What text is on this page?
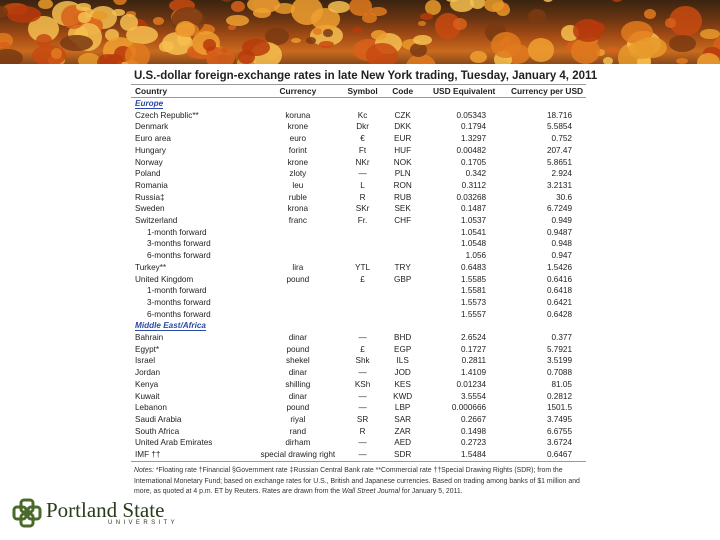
U.S.-dollar foreign-exchange rates in late New York trading, Tuesday, January 4, 2011
Country	Currency	Symbol	Code	USD Equivalent	Currency per USD
Europe					
Czech Republic**	koruna	Kc	CZK	0.05343	18.716
Denmark	krone	Dkr	DKK	0.1794	5.5854
Euro area	euro	€	EUR	1.3297	0.752
Hungary	forint	Ft	HUF	0.00482	207.47
Norway	krone	NKr	NOK	0.1705	5.8651
Poland	zloty	—	PLN	0.342	2.924
Romania	leu	L	RON	0.3112	3.2131
Russia‡	ruble	R	RUB	0.03268	30.6
Sweden	krona	SKr	SEK	0.1487	6.7249
Switzerland	franc	Fr.	CHF	1.0537	0.949
1-month forward				1.0541	0.9487
3-months forward				1.0548	0.948
6-months forward				1.056	0.947
Turkey**	lira	YTL	TRY	0.6483	1.5426
United Kingdom	pound	£	GBP	1.5585	0.6416
1-month forward				1.5581	0.6418
3-months forward				1.5573	0.6421
6-months forward				1.5557	0.6428
Middle East/Africa					
Bahrain	dinar	—	BHD	2.6524	0.377
Egypt*	pound	£	EGP	0.1727	5.7921
Israel	shekel	Shk	ILS	0.2811	3.5199
Jordan	dinar	—	JOD	1.4109	0.7088
Kenya	shilling	KSh	KES	0.01234	81.05
Kuwait	dinar	—	KWD	3.5554	0.2812
Lebanon	pound	—	LBP	0.000666	1501.5
Saudi Arabia	riyal	SR	SAR	0.2667	3.7495
South Africa	rand	R	ZAR	0.1498	6.6755
United Arab Emirates	dirham	—	AED	0.2723	3.6724
IMF ††	special drawing right	—	SDR	1.5484	0.6467
Notes: *Floating rate †Financial §Government rate ‡Russian Central Bank rate **Commercial rate ††Special Drawing Rights (SDR); from the International Monetary Fund; based on exchange rates for U.S., British and Japanese currencies. Based on trading among banks of $1 million and more, as quoted at 4 p.m. ET by Reuters. Rates are drawn from the Wall Street Journal for January 5, 2011.
Portland State
UNIVERSITY
